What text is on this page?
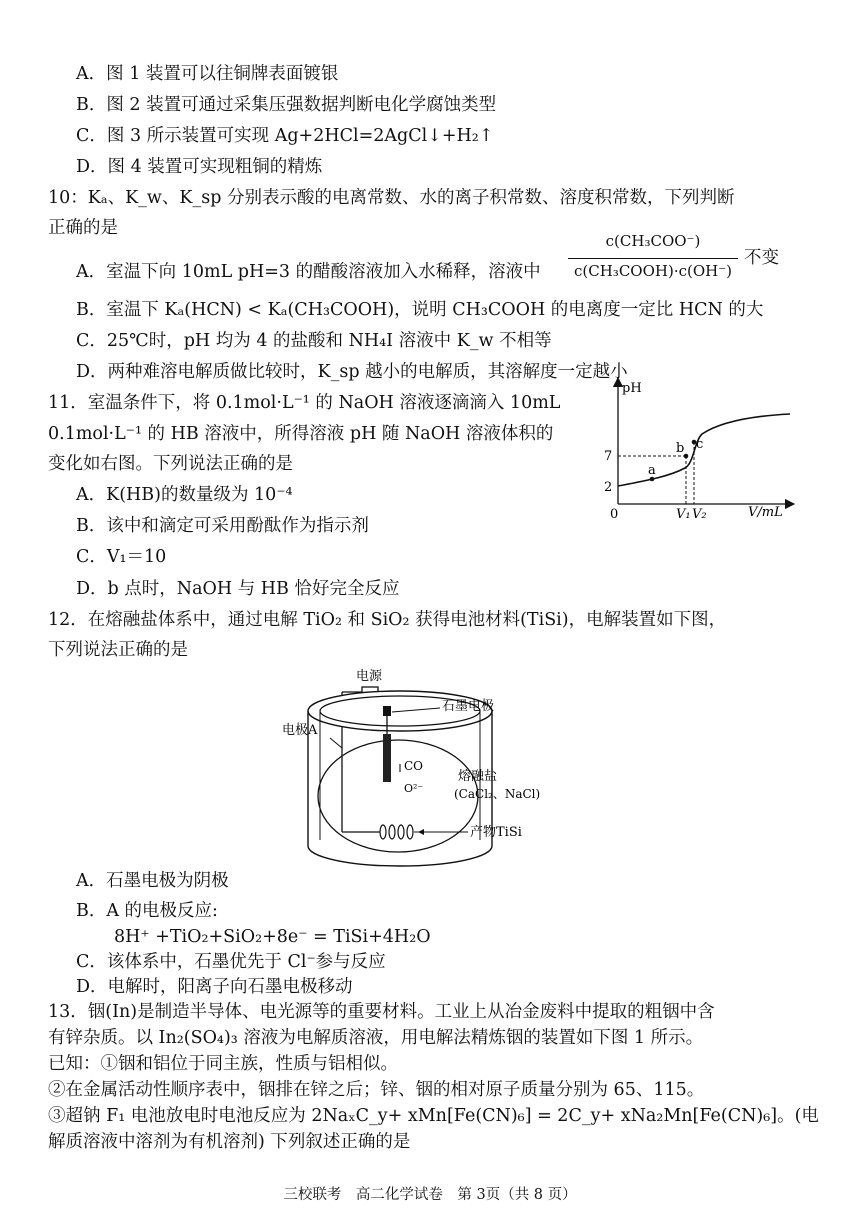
A．图 1 装置可以往铜牌表面镀银
B．图 2 装置可通过采集压强数据判断电化学腐蚀类型
C．图 3 所示装置可实现 Ag+2HCl=2AgCl↓+H₂↑
D．图 4 装置可实现粗铜的精炼
10：Kₐ、K_w、K_sp 分别表示酸的电离常数、水的离子积常数、溶度积常数，下列判断
正确的是
A．室温下向 10mL pH=3 的醋酸溶液加入水稀释，溶液中
c(CH₃COO⁻)
c(CH₃COOH)·c(OH⁻)
不变
B．室温下 Kₐ(HCN) < Kₐ(CH₃COOH)，说明 CH₃COOH 的电离度一定比 HCN 的大
C．25℃时，pH 均为 4 的盐酸和 NH₄I 溶液中 K_w 不相等
D．两种难溶电解质做比较时，K_sp 越小的电解质，其溶解度一定越小
11．室温条件下，将 0.1mol·L⁻¹ 的 NaOH 溶液逐滴滴入 10mL
0.1mol·L⁻¹ 的 HB 溶液中，所得溶液 pH 随 NaOH 溶液体积的
变化如右图。下列说法正确的是
A．K(HB)的数量级为 10⁻⁴
B．该中和滴定可采用酚酞作为指示剂
C．V₁＝10
D．b 点时，NaOH 与 HB 恰好完全反应
pH
V/mL
0
7
2
V₁ V₂
a
b c
12．在熔融盐体系中，通过电解 TiO₂ 和 SiO₂ 获得电池材料(TiSi)，电解装置如下图，
下列说法正确的是
电源
CO
O²⁻
电极A
石墨电极
熔融盐
(CaCl₂、NaCl)
产物TiSi
A．石墨电极为阴极
B．A 的电极反应:
8H⁺ +TiO₂+SiO₂+8e⁻ = TiSi+4H₂O
C．该体系中，石墨优先于 Cl⁻参与反应
D．电解时，阳离子向石墨电极移动
13．铟(In)是制造半导体、电光源等的重要材料。工业上从冶金废料中提取的粗铟中含
有锌杂质。以 In₂(SO₄)₃ 溶液为电解质溶液，用电解法精炼铟的装置如下图 1 所示。
已知：①铟和铝位于同主族，性质与铝相似。
②在金属活动性顺序表中，铟排在锌之后；锌、铟的相对原子质量分别为 65、115。
③超钠 F₁ 电池放电时电池反应为 2NaₓC_y+ xMn[Fe(CN)₆] = 2C_y+ xNa₂Mn[Fe(CN)₆]。(电
解质溶液中溶剂为有机溶剂) 下列叙述正确的是
三校联考　高二化学试卷　第 3页（共 8 页）
